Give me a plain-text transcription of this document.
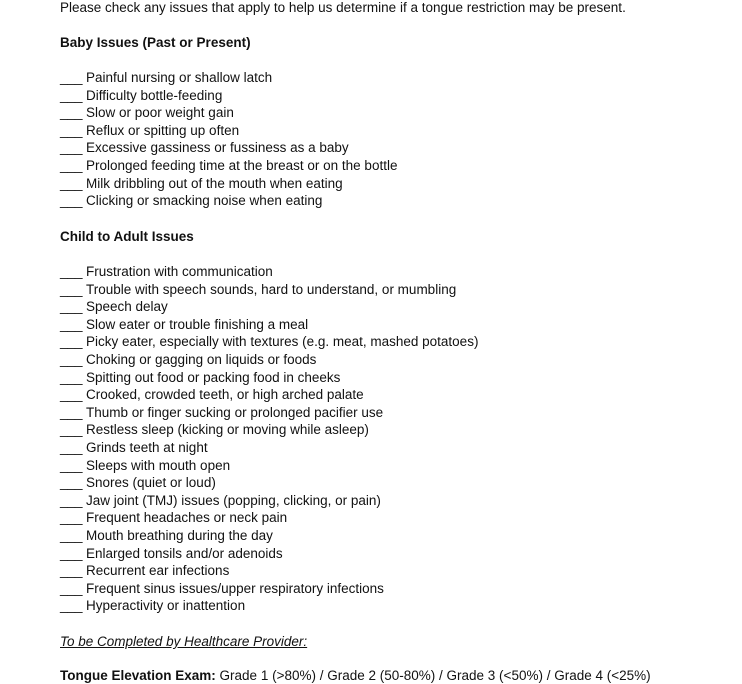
Please check any issues that apply to help us determine if a tongue restriction may be present.
Baby Issues (Past or Present)
___ Painful nursing or shallow latch
___ Difficulty bottle-feeding
___ Slow or poor weight gain
___ Reflux or spitting up often
___ Excessive gassiness or fussiness as a baby
___ Prolonged feeding time at the breast or on the bottle
___ Milk dribbling out of the mouth when eating
___ Clicking or smacking noise when eating
Child to Adult Issues
___ Frustration with communication
___ Trouble with speech sounds, hard to understand, or mumbling
___ Speech delay
___ Slow eater or trouble finishing a meal
___ Picky eater, especially with textures (e.g. meat, mashed potatoes)
___ Choking or gagging on liquids or foods
___ Spitting out food or packing food in cheeks
___ Crooked, crowded teeth, or high arched palate
___ Thumb or finger sucking or prolonged pacifier use
___ Restless sleep (kicking or moving while asleep)
___ Grinds teeth at night
___ Sleeps with mouth open
___ Snores (quiet or loud)
___ Jaw joint (TMJ) issues (popping, clicking, or pain)
___ Frequent headaches or neck pain
___ Mouth breathing during the day
___ Enlarged tonsils and/or adenoids
___ Recurrent ear infections
___ Frequent sinus issues/upper respiratory infections
___ Hyperactivity or inattention
To be Completed by Healthcare Provider:
Tongue Elevation Exam: Grade 1 (>80%) / Grade 2 (50-80%) / Grade 3 (<50%) / Grade 4 (<25%)
